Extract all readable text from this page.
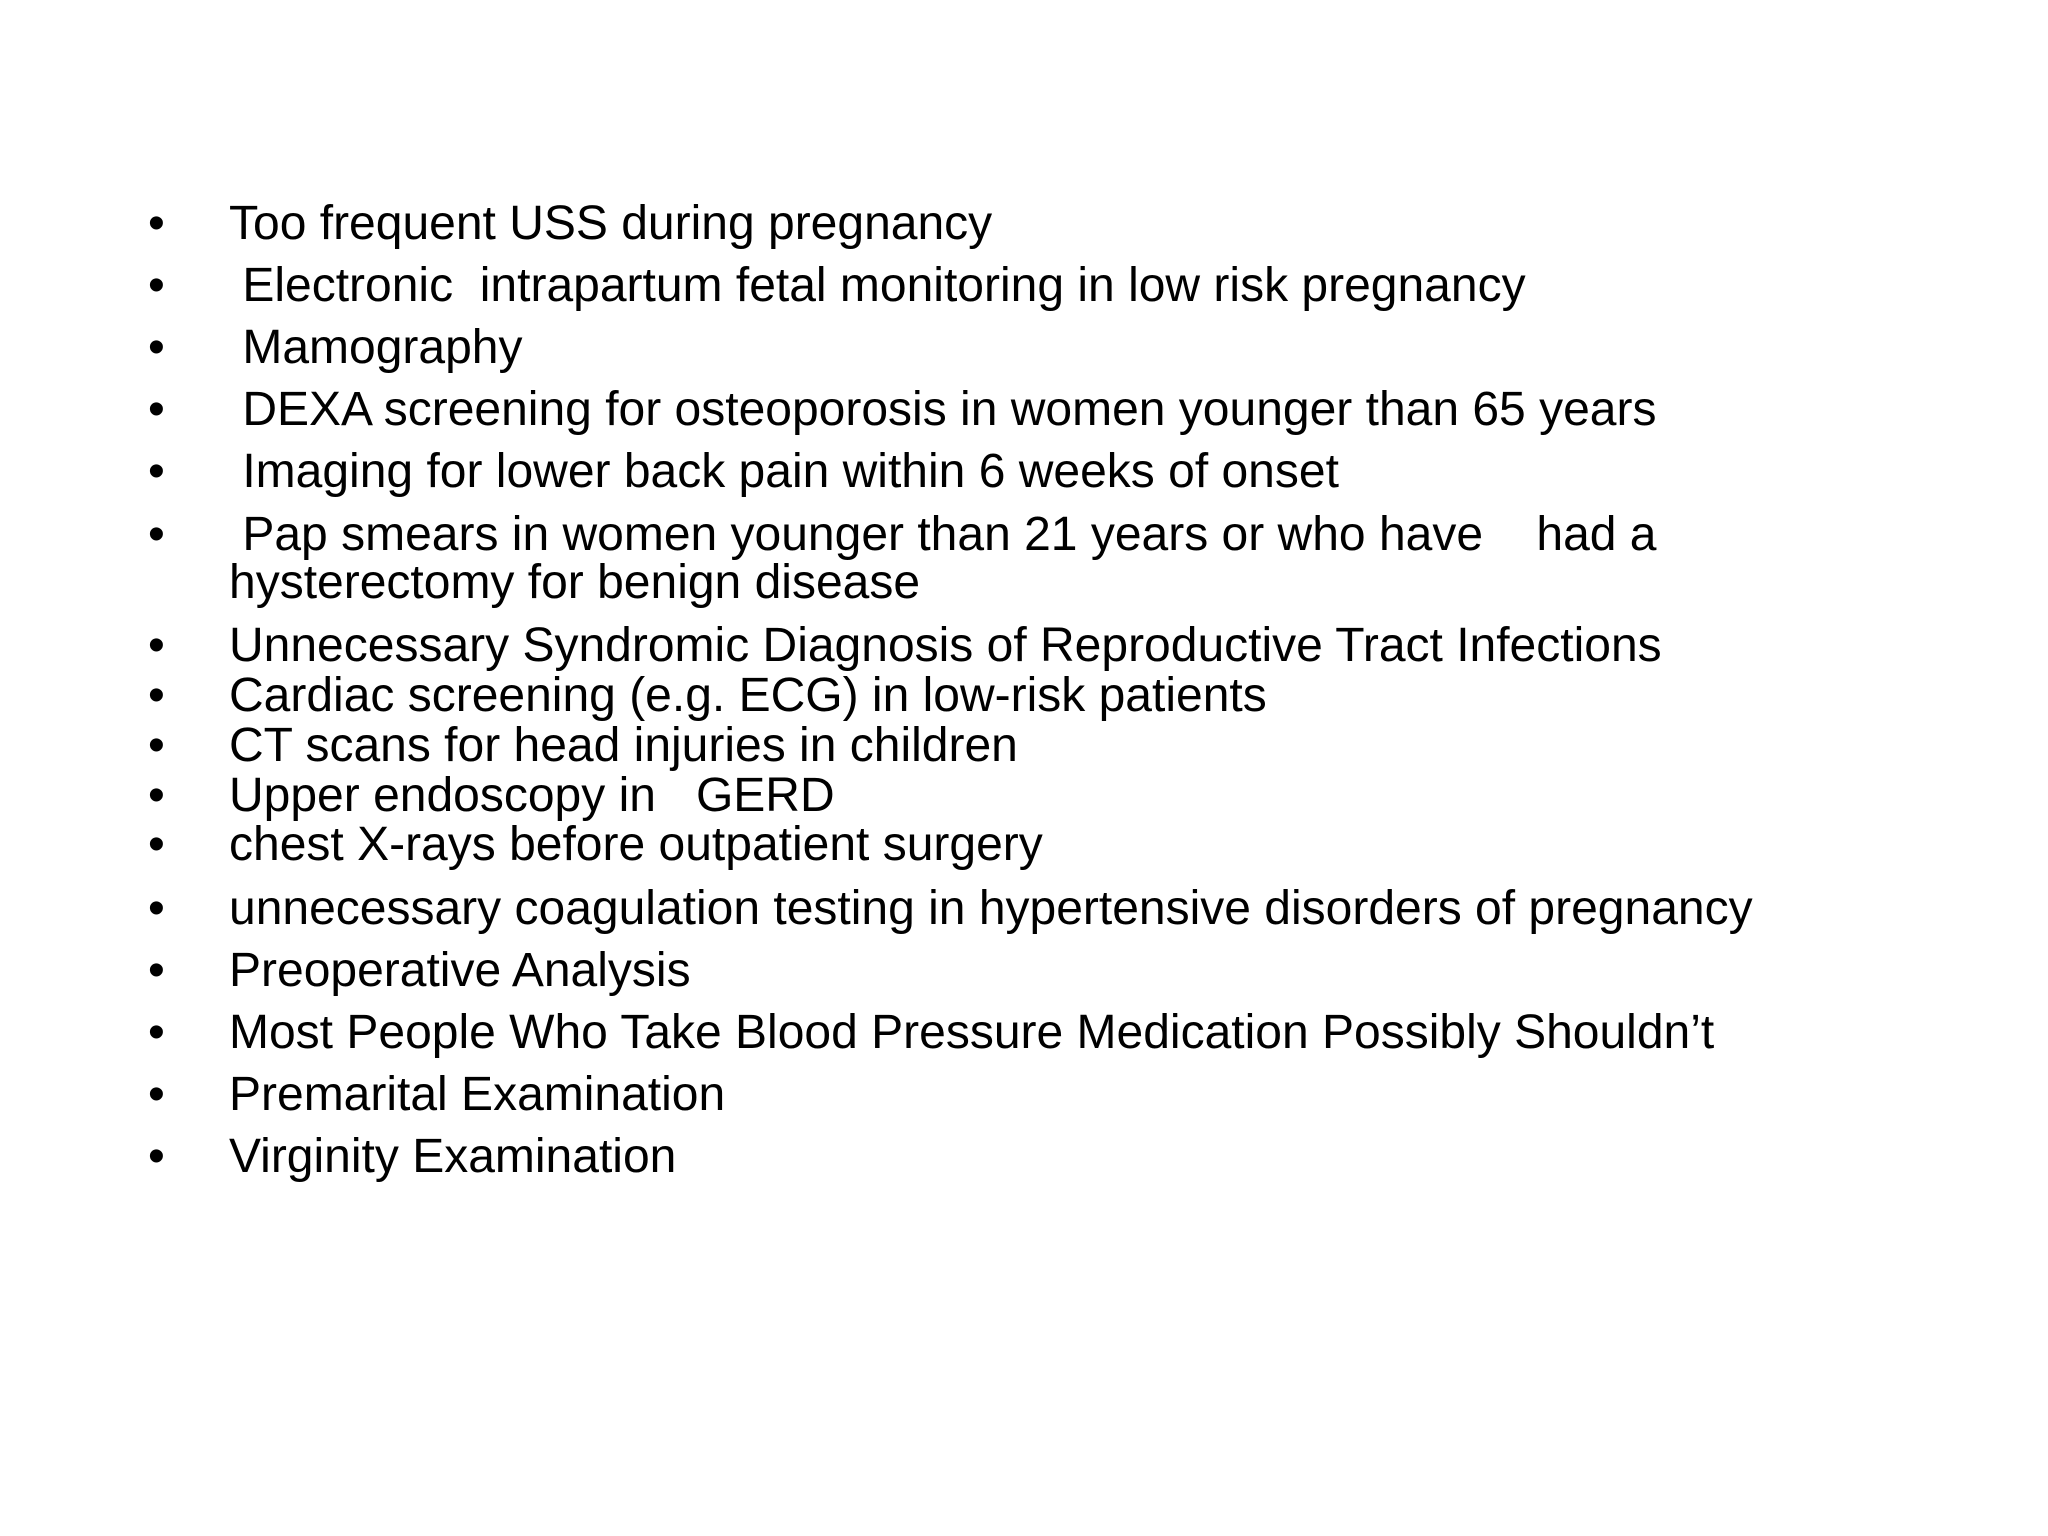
• Too frequent USS during pregnancy
• Electronic  intrapartum fetal monitoring in low risk pregnancy
• Mamography
• DEXA screening for osteoporosis in women younger than 65 years
• Imaging for lower back pain within 6 weeks of onset
• Pap smears in women younger than 21 years or who have    had a
hysterectomy for benign disease
• Unnecessary Syndromic Diagnosis of Reproductive Tract Infections
• Cardiac screening (e.g. ECG) in low-risk patients
• CT scans for head injuries in children
• Upper endoscopy in   GERD
• chest X-rays before outpatient surgery
• unnecessary coagulation testing in hypertensive disorders of pregnancy
• Preoperative Analysis
• Most People Who Take Blood Pressure Medication Possibly Shouldn’t
• Premarital Examination
• Virginity Examination
